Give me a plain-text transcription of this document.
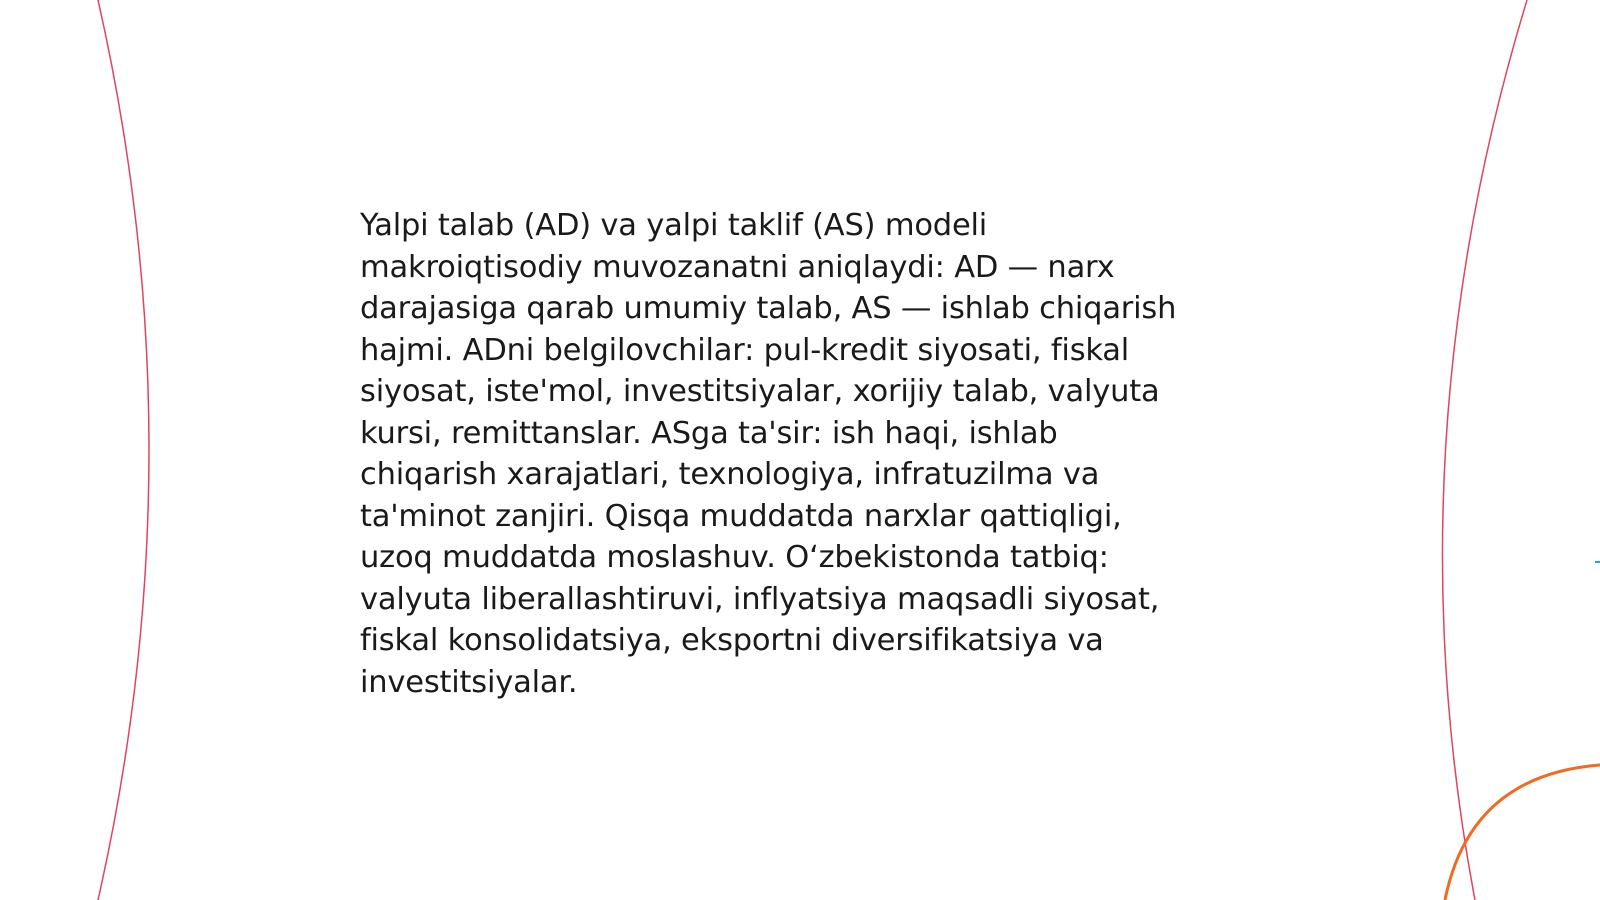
Yalpi talab (AD) va yalpi taklif (AS) modeli
makroiqtisodiy muvozanatni aniqlaydi: AD — narx
darajasiga qarab umumiy talab, AS — ishlab chiqarish
hajmi. ADni belgilovchilar: pul-kredit siyosati, fiskal
siyosat, iste'mol, investitsiyalar, xorijiy talab, valyuta
kursi, remittanslar. ASga ta'sir: ish haqi, ishlab
chiqarish xarajatlari, texnologiya, infratuzilma va
ta'minot zanjiri. Qisqa muddatda narxlar qattiqligi,
uzoq muddatda moslashuv. O‘zbekistonda tatbiq:
valyuta liberallashtiruvi, inflyatsiya maqsadli siyosat,
fiskal konsolidatsiya, eksportni diversifikatsiya va
investitsiyalar.
